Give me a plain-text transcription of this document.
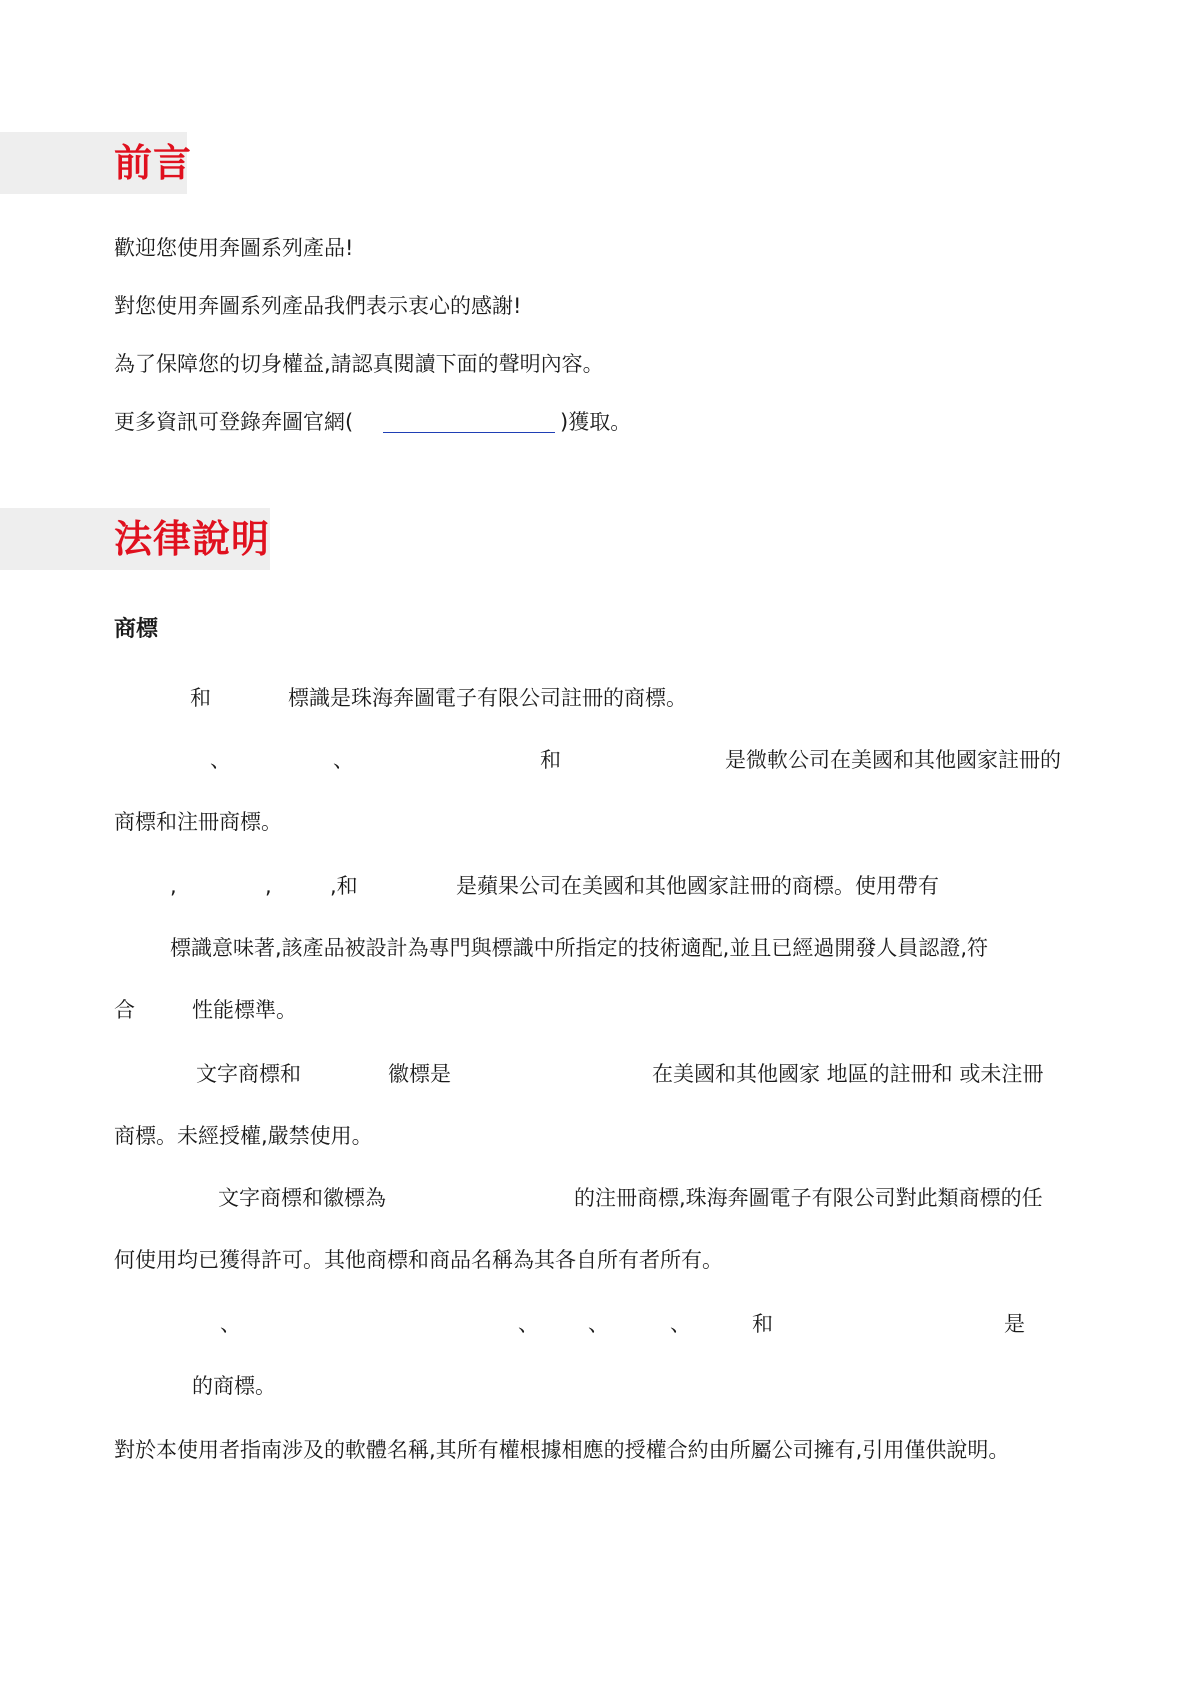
前言
歡迎您使用奔圖系列產品!
對您使用奔圖系列產品我們表示衷心的感謝!
為了保障您的切身權益,請認真閱讀下面的聲明內容。
更多資訊可登錄奔圖官網(	)獲取。
法律說明
商標
和	標識是珠海奔圖電子有限公司註冊的商標。
、	、	和	是微軟公司在美國和其他國家註冊的
商標和注冊商標。
,	,	,和	是蘋果公司在美國和其他國家註冊的商標。使用帶有
標識意味著,該產品被設計為專門與標識中所指定的技術適配,並且已經過開發人員認證,符
合	性能標準。
文字商標和	徽標是	在美國和其他國家 地區的註冊和 或未注冊
商標。未經授權,嚴禁使用。
文字商標和徽標為	的注冊商標,珠海奔圖電子有限公司對此類商標的任
何使用均已獲得許可。其他商標和商品名稱為其各自所有者所有。
、	、 、	、	和	是
的商標。
對於本使用者指南涉及的軟體名稱,其所有權根據相應的授權合約由所屬公司擁有,引用僅供說明。
